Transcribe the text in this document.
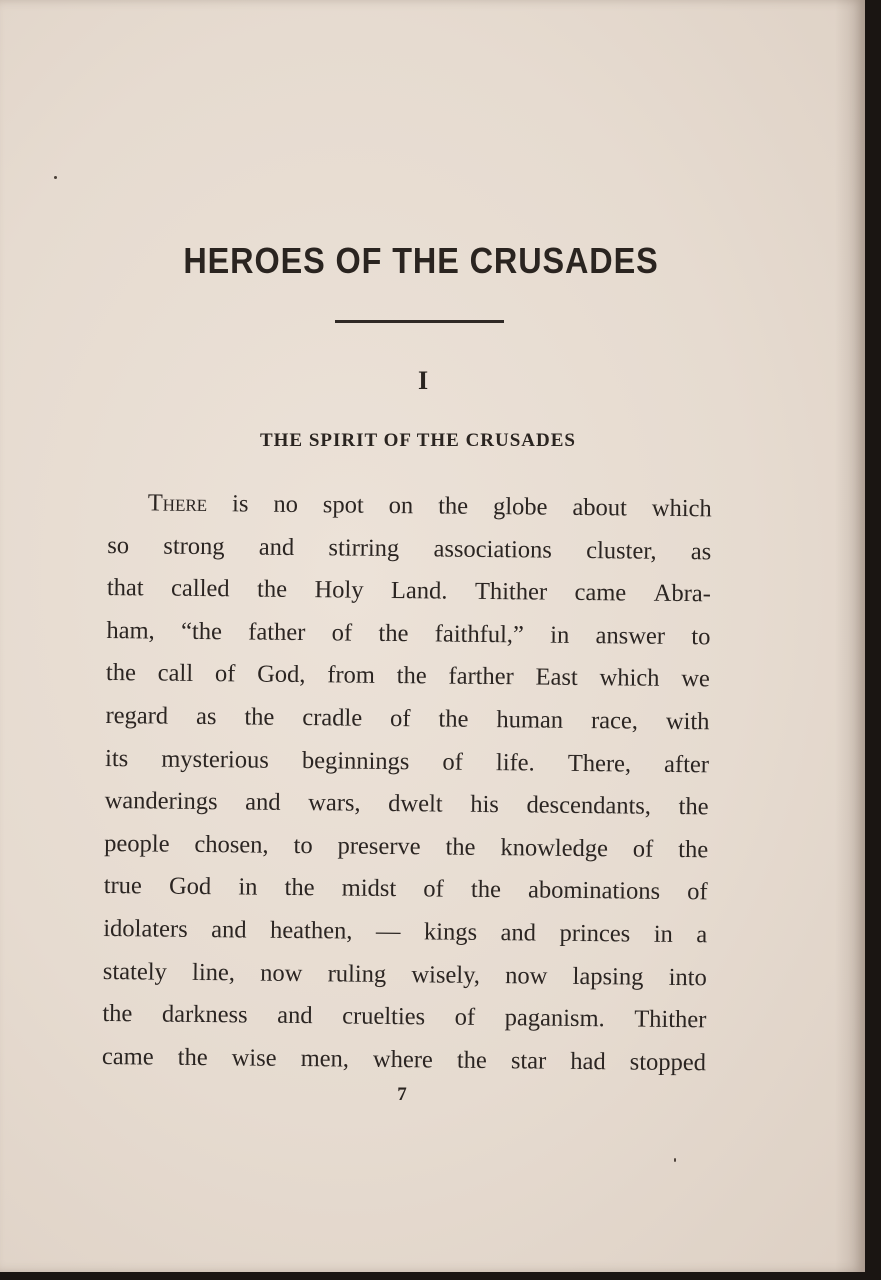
HEROES OF THE CRUSADES
I
THE SPIRIT OF THE CRUSADES
There is no spot on the globe about which
so strong and stirring associations cluster, as
that called the Holy Land. Thither came Abra-
ham, “the father of the faithful,” in answer to
the call of God, from the farther East which we
regard as the cradle of the human race, with
its mysterious beginnings of life. There, after
wanderings and wars, dwelt his descendants, the
people chosen, to preserve the knowledge of the
true God in the midst of the abominations of
idolaters and heathen, — kings and princes in a
stately line, now ruling wisely, now lapsing into
the darkness and cruelties of paganism. Thither
came the wise men, where the star had stopped
7
